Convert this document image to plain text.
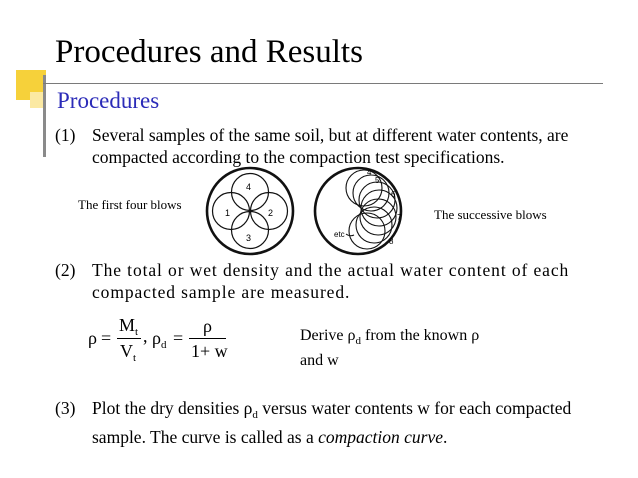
Procedures and Results
Procedures
(1) Several samples of the same soil, but at different water contents, are compacted according to the compaction test specifications.
The first four blows
The successive blows
1	2
3
4
4
5
6
7
8
etc
(2) The total or wet density and the actual water content of each compacted sample are measured.
ρ =
$M_t$
$V_t$
, $\rho_d$ =
ρ
1+ w
Derive $\rho_d$ from the known ρ
and w
(3) Plot the dry densities $\rho_d$ versus water contents w for each compacted sample. The curve is called as a compaction curve.
